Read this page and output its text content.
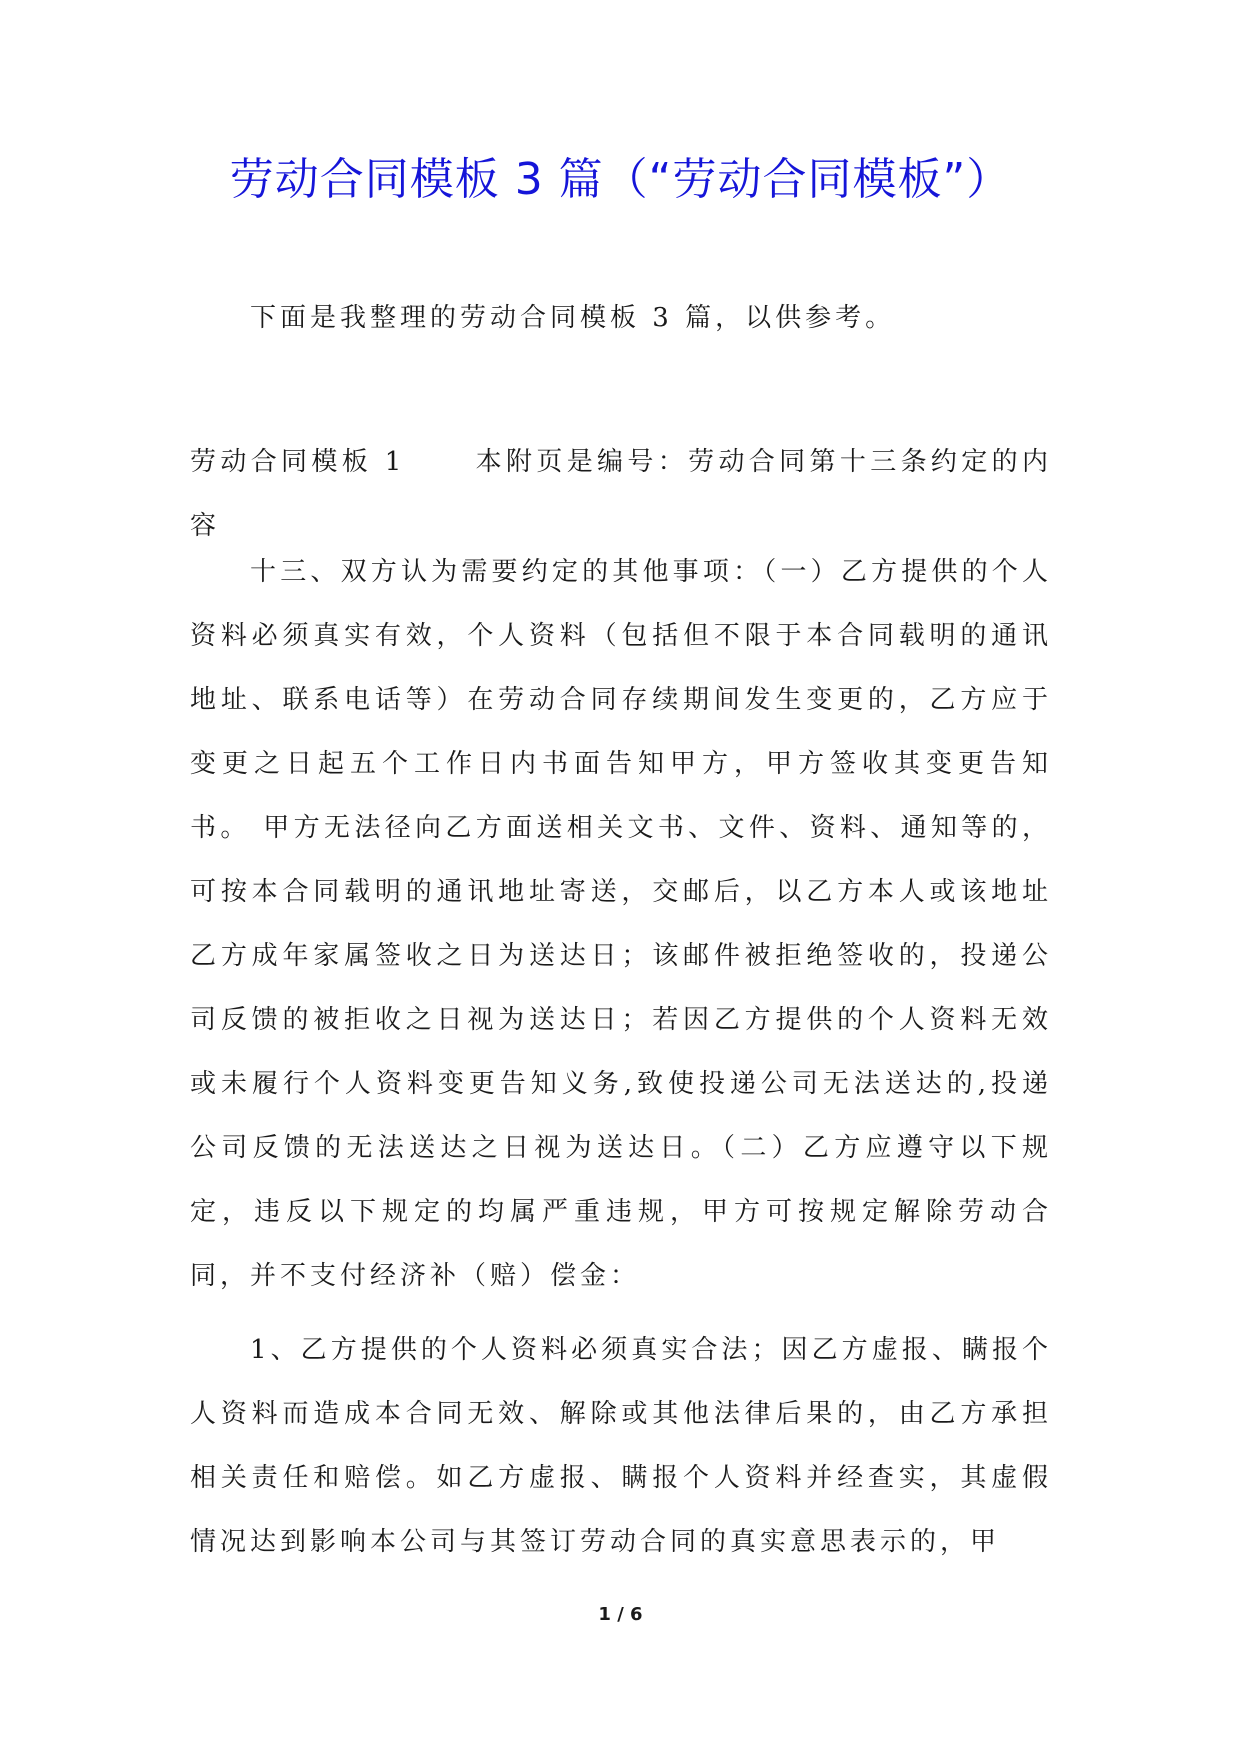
劳动合同模板 3 篇（“劳动合同模板”）
下面是我整理的劳动合同模板 3 篇，以供参考。
劳动合同模板 1	本附页是编号：劳动合同第十三条约定的内容
十三、双方认为需要约定的其他事项：（一）乙方提供的个人资料必须真实有效，个人资料（包括但不限于本合同载明的通讯地址、联系电话等）在劳动合同存续期间发生变更的，乙方应于变更之日起五个工作日内书面告知甲方，甲方签收其变更告知书。 甲方无法径向乙方面送相关文书、文件、资料、通知等的，可按本合同载明的通讯地址寄送，交邮后，以乙方本人或该地址乙方成年家属签收之日为送达日；该邮件被拒绝签收的，投递公司反馈的被拒收之日视为送达日；若因乙方提供的个人资料无效或未履行个人资料变更告知义务,致使投递公司无法送达的,投递公司反馈的无法送达之日视为送达日。（二）乙方应遵守以下规定，违反以下规定的均属严重违规，甲方可按规定解除劳动合同，并不支付经济补（赔）偿金：
1、乙方提供的个人资料必须真实合法；因乙方虚报、瞒报个人资料而造成本合同无效、解除或其他法律后果的，由乙方承担相关责任和赔偿。如乙方虚报、瞒报个人资料并经查实，其虚假情况达到影响本公司与其签订劳动合同的真实意思表示的，甲
1 / 6
